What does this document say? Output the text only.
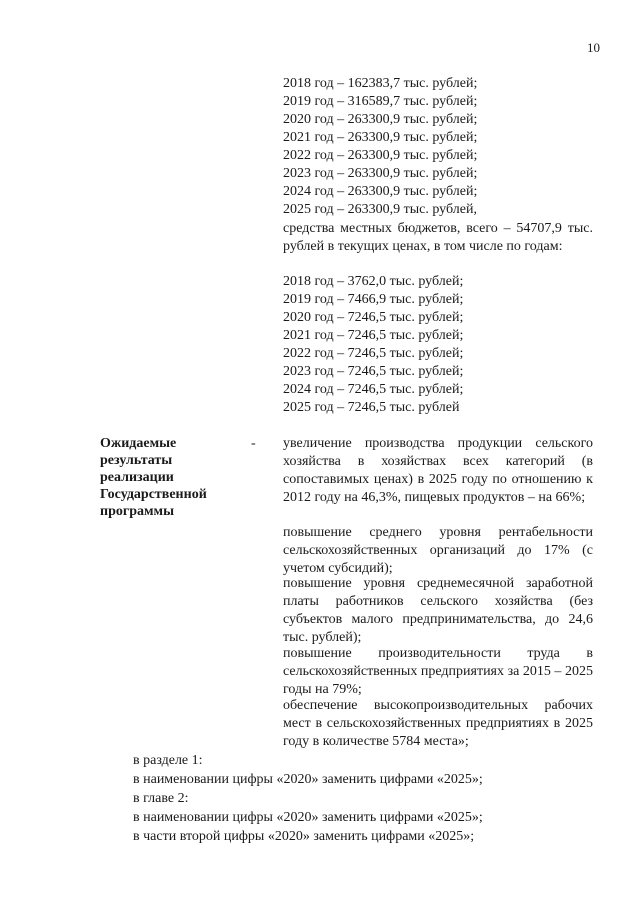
10
2018 год – 162383,7 тыс. рублей;
2019 год – 316589,7 тыс. рублей;
2020 год – 263300,9 тыс. рублей;
2021 год – 263300,9 тыс. рублей;
2022 год – 263300,9 тыс. рублей;
2023 год – 263300,9 тыс. рублей;
2024 год – 263300,9 тыс. рублей;
2025 год – 263300,9 тыс. рублей,
средства местных бюджетов, всего – 54707,9 тыс. рублей в текущих ценах, в том числе по годам:
2018 год – 3762,0 тыс. рублей;
2019 год – 7466,9 тыс. рублей;
2020 год – 7246,5 тыс. рублей;
2021 год – 7246,5 тыс. рублей;
2022 год – 7246,5 тыс. рублей;
2023 год – 7246,5 тыс. рублей;
2024 год – 7246,5 тыс. рублей;
2025 год – 7246,5 тыс. рублей
Ожидаемые результаты реализации Государственной программы
- увеличение производства продукции сельского хозяйства в хозяйствах всех категорий (в сопоставимых ценах) в 2025 году по отношению к 2012 году на 46,3%, пищевых продуктов – на 66%;
повышение среднего уровня рентабельности сельскохозяйственных организаций до 17% (с учетом субсидий);
повышение уровня среднемесячной заработной платы работников сельского хозяйства (без субъектов малого предпринимательства, до 24,6 тыс. рублей);
повышение производительности труда в сельскохозяйственных предприятиях за 2015 – 2025 годы на 79%;
обеспечение высокопроизводительных рабочих мест в сельскохозяйственных предприятиях в 2025 году в количестве 5784 места»;
в разделе 1:
в наименовании цифры «2020» заменить цифрами «2025»;
в главе 2:
в наименовании цифры «2020» заменить цифрами «2025»;
в части второй цифры «2020» заменить цифрами «2025»;
